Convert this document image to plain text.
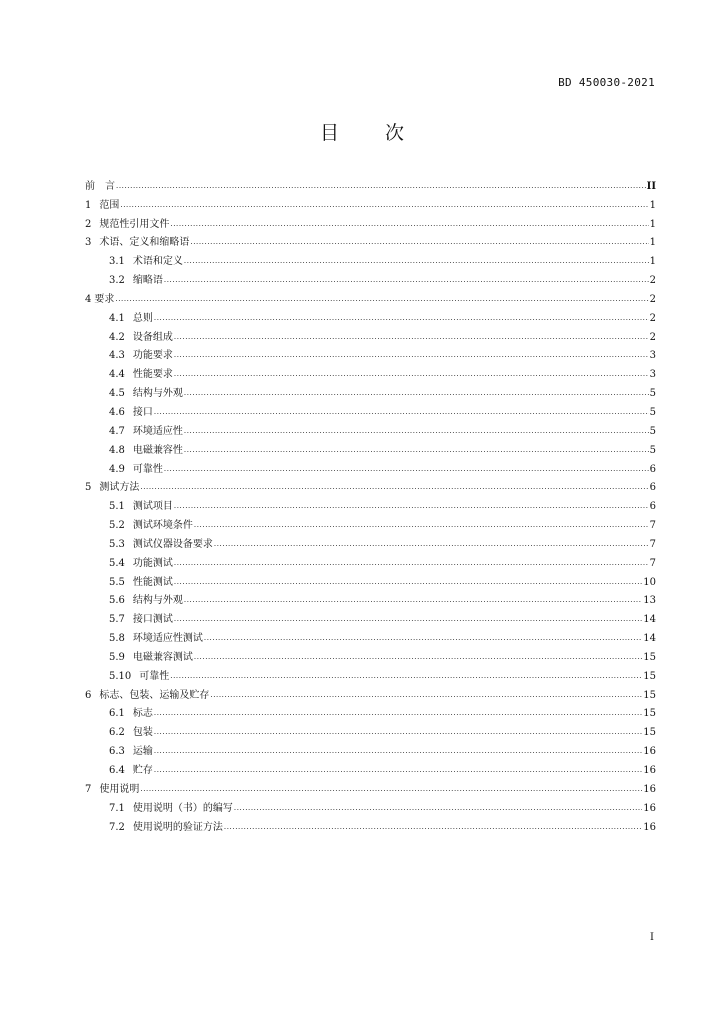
BD 450030-2021
目 次
前　言 .....	II
1 范围 .....	1
2 规范性引用文件 .....	1
3 术语、定义和缩略语 .....	1
3.1 术语和定义 .....	1
3.2 缩略语 .....	2
4 要求 .....	2
4.1 总则 .....	2
4.2 设备组成 .....	2
4.3 功能要求 .....	3
4.4 性能要求 .....	3
4.5 结构与外观 .....	5
4.6 接口 .....	5
4.7 环境适应性 .....	5
4.8 电磁兼容性 .....	5
4.9 可靠性 .....	6
5 测试方法 .....	6
5.1 测试项目 .....	6
5.2 测试环境条件 .....	7
5.3 测试仪器设备要求 .....	7
5.4 功能测试 .....	7
5.5 性能测试 .....	10
5.6 结构与外观 .....	13
5.7 接口测试 .....	14
5.8 环境适应性测试 .....	14
5.9 电磁兼容测试 .....	15
5.10 可靠性 .....	15
6 标志、包装、运输及贮存 .....	15
6.1 标志 .....	15
6.2 包装 .....	15
6.3 运输 .....	16
6.4 贮存 .....	16
7 使用说明 .....	16
7.1 使用说明（书）的编写 .....	16
7.2 使用说明的验证方法 .....	16
I
